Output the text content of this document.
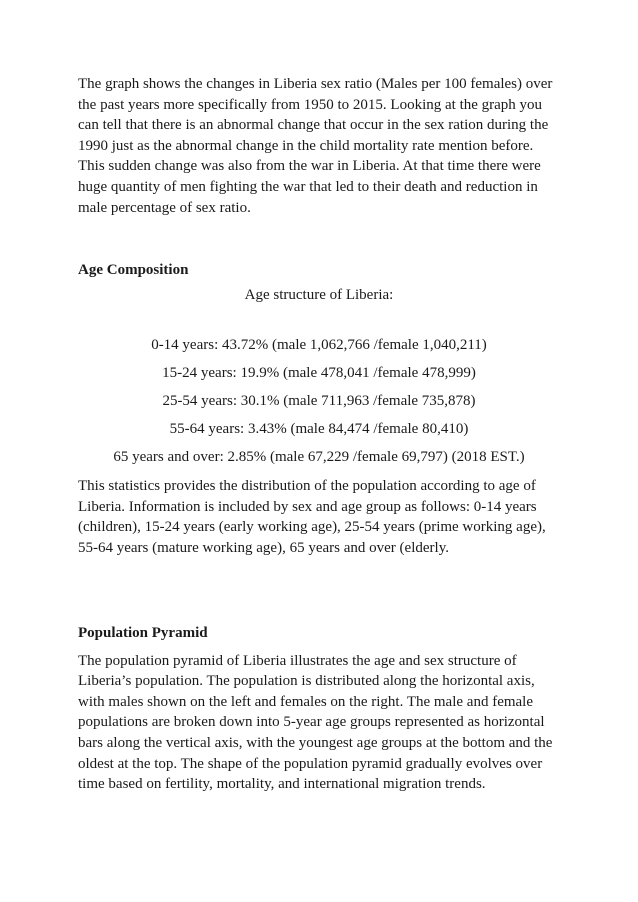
The graph shows the changes in Liberia sex ratio (Males per 100 females) over the past years more specifically from 1950 to 2015. Looking at the graph you can tell that there is an abnormal change that occur in the sex ration during the 1990 just as the abnormal change in the child mortality rate mention before. This sudden change was also from the war in Liberia. At that time there were huge quantity of men fighting the war that led to their death and reduction in male percentage of sex ratio.

Age Composition

Age structure of Liberia:

0-14 years: 43.72% (male 1,062,766 /female 1,040,211)
15-24 years: 19.9% (male 478,041 /female 478,999)
25-54 years: 30.1% (male 711,963 /female 735,878)
55-64 years: 3.43% (male 84,474 /female 80,410)
65 years and over: 2.85% (male 67,229 /female 69,797) (2018 EST.)

This statistics provides the distribution of the population according to age of Liberia. Information is included by sex and age group as follows: 0-14 years (children), 15-24 years (early working age), 25-54 years (prime working age), 55-64 years (mature working age), 65 years and over (elderly.

Population Pyramid

The population pyramid of Liberia illustrates the age and sex structure of Liberia’s population. The population is distributed along the horizontal axis, with males shown on the left and females on the right. The male and female populations are broken down into 5-year age groups represented as horizontal bars along the vertical axis, with the youngest age groups at the bottom and the oldest at the top. The shape of the population pyramid gradually evolves over time based on fertility, mortality, and international migration trends.
